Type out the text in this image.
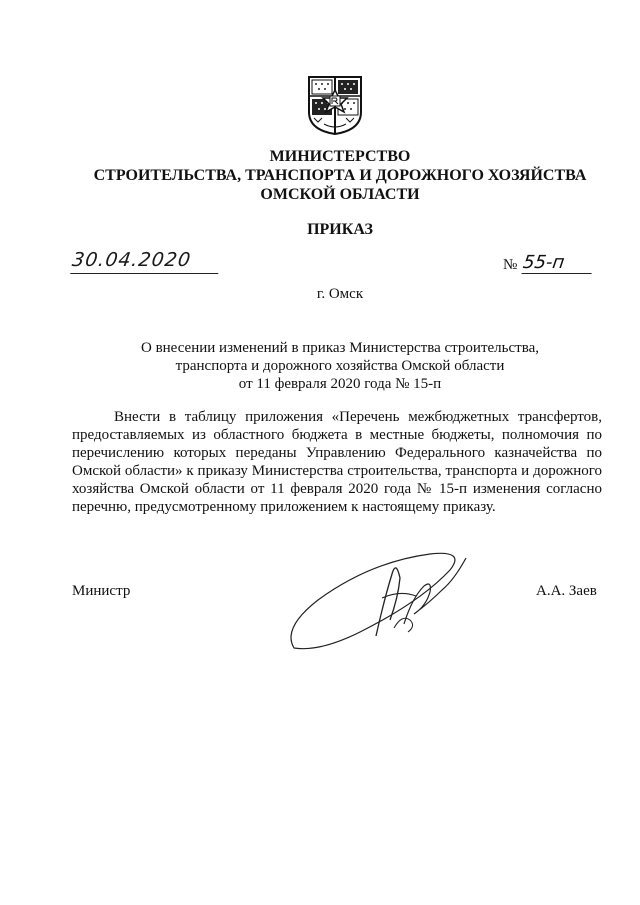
МИНИСТЕРСТВО
СТРОИТЕЛЬСТВА, ТРАНСПОРТА И ДОРОЖНОГО ХОЗЯЙСТВА
ОМСКОЙ ОБЛАСТИ
ПРИКАЗ
30.04.2020	№ 55-п
г. Омск
О внесении изменений в приказ Министерства строительства,
транспорта и дорожного хозяйства Омской области
от 11 февраля 2020 года № 15-п
Внести в таблицу приложения «Перечень межбюджетных трансфертов, предоставляемых из областного бюджета в местные бюджеты, полномочия по перечислению которых переданы Управлению Федерального казначейства по Омской области» к приказу Министерства строительства, транспорта и дорожного хозяйства Омской области от 11 февраля 2020 года № 15-п изменения согласно перечню, предусмотренному приложением к настоящему приказу.
Министр	А.А. Заев
